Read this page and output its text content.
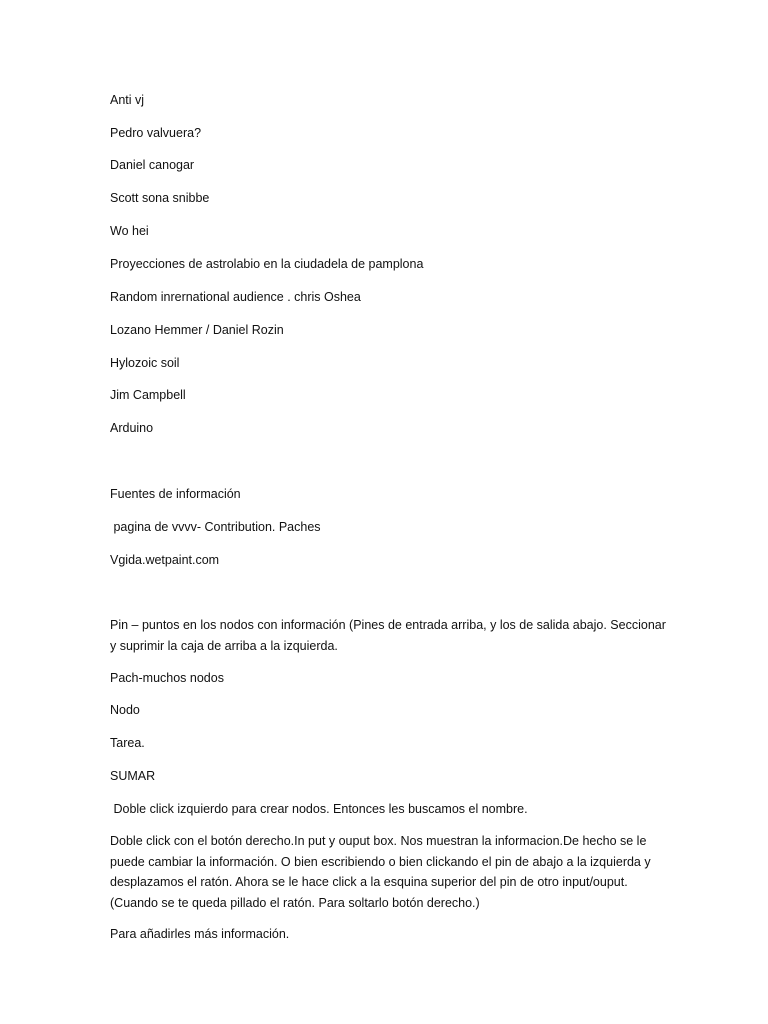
Anti vj

Pedro valvuera?

Daniel canogar

Scott sona snibbe

Wo hei

Proyecciones de astrolabio en la ciudadela de pamplona

Random inrernational audience . chris Oshea

Lozano Hemmer / Daniel Rozin

Hylozoic soil

Jim Campbell

Arduino

Fuentes de información

pagina de vvvv- Contribution. Paches

Vgida.wetpaint.com

Pin – puntos en los nodos con información (Pines de entrada arriba, y los de salida abajo. Seccionar y suprimir la caja de arriba a la izquierda.

Pach-muchos nodos

Nodo

Tarea.

SUMAR

Doble click izquierdo para crear nodos. Entonces les buscamos el nombre.

Doble click con el botón derecho.In put y ouput box. Nos muestran la informacion.De hecho se le puede cambiar la información. O bien escribiendo o bien clickando el pin de abajo a la izquierda y desplazamos el ratón. Ahora se le hace click a la esquina superior del pin de otro input/ouput. (Cuando se te queda pillado el ratón. Para soltarlo botón derecho.)

Para añadirles más información.
